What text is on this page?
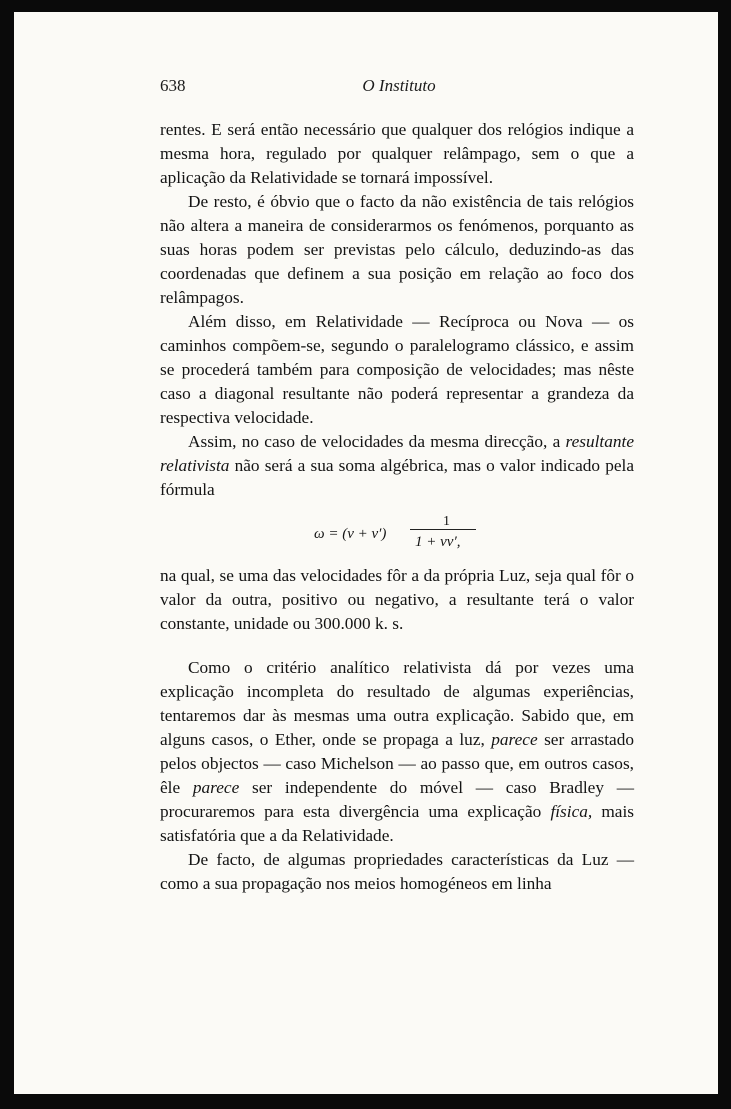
638	O Instituto

rentes. E será então necessário que qualquer dos relógios indique a mesma hora, regulado por qualquer relâmpago, sem o que a aplicação da Relatividade se tornará impossível.

De resto, é óbvio que o facto da não existência de tais relógios não altera a maneira de considerarmos os fenómenos, porquanto as suas horas podem ser previstas pelo cálculo, deduzindo-as das coordenadas que definem a sua posição em relação ao foco dos relâmpagos.

Além disso, em Relatividade — Recíproca ou Nova — os caminhos compõem-se, segundo o paralelogramo clássico, e assim se procederá também para composição de velocidades; mas nêste caso a diagonal resultante não poderá representar a grandeza da respectiva velocidade.

Assim, no caso de velocidades da mesma direcção, a resultante relativista não será a sua soma algébrica, mas o valor indicado pela fórmula

ω = (v + v′)
1
1 + vv′,

na qual, se uma das velocidades fôr a da própria Luz, seja qual fôr o valor da outra, positivo ou negativo, a resultante terá o valor constante, unidade ou 300.000 k. s.

Como o critério analítico relativista dá por vezes uma explicação incompleta do resultado de algumas experiências, tentaremos dar às mesmas uma outra explicação. Sabido que, em alguns casos, o Ether, onde se propaga a luz, parece ser arrastado pelos objectos — caso Michelson — ao passo que, em outros casos, êle parece ser independente do móvel — caso Bradley — procuraremos para esta divergência uma explicação física, mais satisfatória que a da Relatividade.

De facto, de algumas propriedades características da Luz — como a sua propagação nos meios homogéneos em linha
